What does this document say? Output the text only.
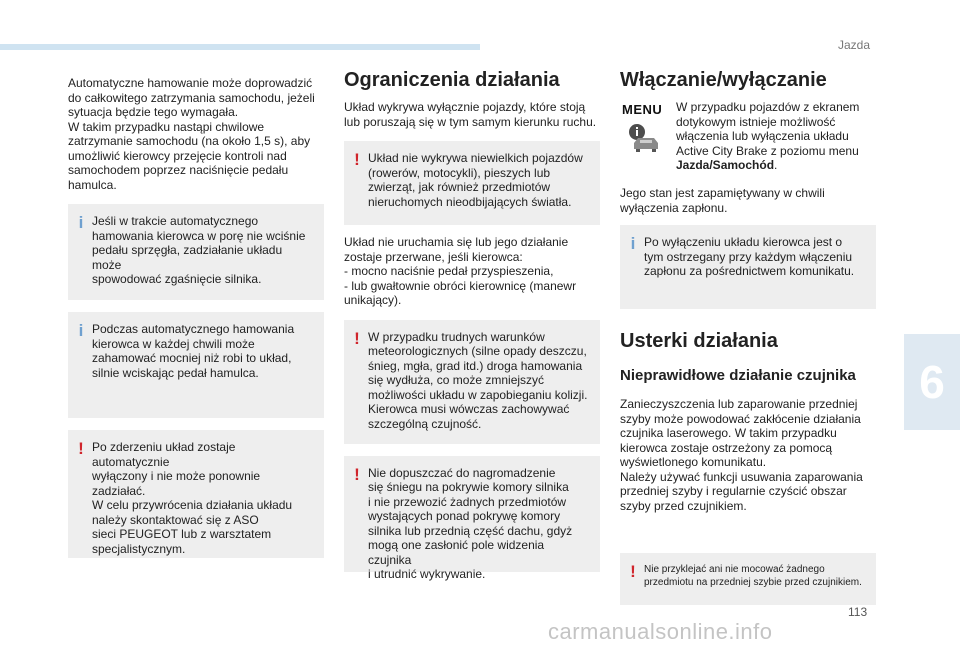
Jazda
6
113
carmanualsonline.info

Automatyczne hamowanie może doprowadzić
do całkowitego zatrzymania samochodu, jeżeli
sytuacja będzie tego wymagała.
W takim przypadku nastąpi chwilowe
zatrzymanie samochodu (na około 1,5 s), aby
umożliwić kierowcy przejęcie kontroli nad
samochodem poprzez naciśnięcie pedału
hamulca.

i Jeśli w trakcie automatycznego
hamowania kierowca w porę nie wciśnie
pedału sprzęgła, zadziałanie układu może
spowodować zgaśnięcie silnika.

i Podczas automatycznego hamowania
kierowca w każdej chwili może
zahamować mocniej niż robi to układ,
silnie wciskając pedał hamulca.

! Po zderzeniu układ zostaje automatycznie
wyłączony i nie może ponownie zadziałać.
W celu przywrócenia działania układu
należy skontaktować się z ASO
sieci PEUGEOT lub z warsztatem
specjalistycznym.

Ograniczenia działania

Układ wykrywa wyłącznie pojazdy, które stoją
lub poruszają się w tym samym kierunku ruchu.

! Układ nie wykrywa niewielkich pojazdów
(rowerów, motocykli), pieszych lub
zwierząt, jak również przedmiotów
nieruchomych nieodbijających światła.

Układ nie uruchamia się lub jego działanie
zostaje przerwane, jeśli kierowca:
- mocno naciśnie pedał przyspieszenia,
- lub gwałtownie obróci kierownicę (manewr
unikający).

! W przypadku trudnych warunków
meteorologicznych (silne opady deszczu,
śnieg, mgła, grad itd.) droga hamowania
się wydłuża, co może zmniejszyć
możliwości układu w zapobieganiu kolizji.
Kierowca musi wówczas zachowywać
szczególną czujność.

! Nie dopuszczać do nagromadzenie
się śniegu na pokrywie komory silnika
i nie przewozić żadnych przedmiotów
wystających ponad pokrywę komory
silnika lub przednią część dachu, gdyż
mogą one zasłonić pole widzenia czujnika
i utrudnić wykrywanie.

Włączanie/wyłączanie
MENU	W przypadku pojazdów z ekranem
dotykowym istnieje możliwość
włączenia lub wyłączenia układu
Active City Brake z poziomu menu
Jazda/Samochód.

Jego stan jest zapamiętywany w chwili
wyłączenia zapłonu.

i Po wyłączeniu układu kierowca jest o
tym ostrzegany przy każdym włączeniu
zapłonu za pośrednictwem komunikatu.

Usterki działania
Nieprawidłowe działanie czujnika

Zanieczyszczenia lub zaparowanie przedniej
szyby może powodować zakłócenie działania
czujnika laserowego. W takim przypadku
kierowca zostaje ostrzeżony za pomocą
wyświetlonego komunikatu.
Należy używać funkcji usuwania zaparowania
przedniej szyby i regularnie czyścić obszar
szyby przed czujnikiem.

! Nie przyklejać ani nie mocować żadnego
przedmiotu na przedniej szybie przed czujnikiem.
